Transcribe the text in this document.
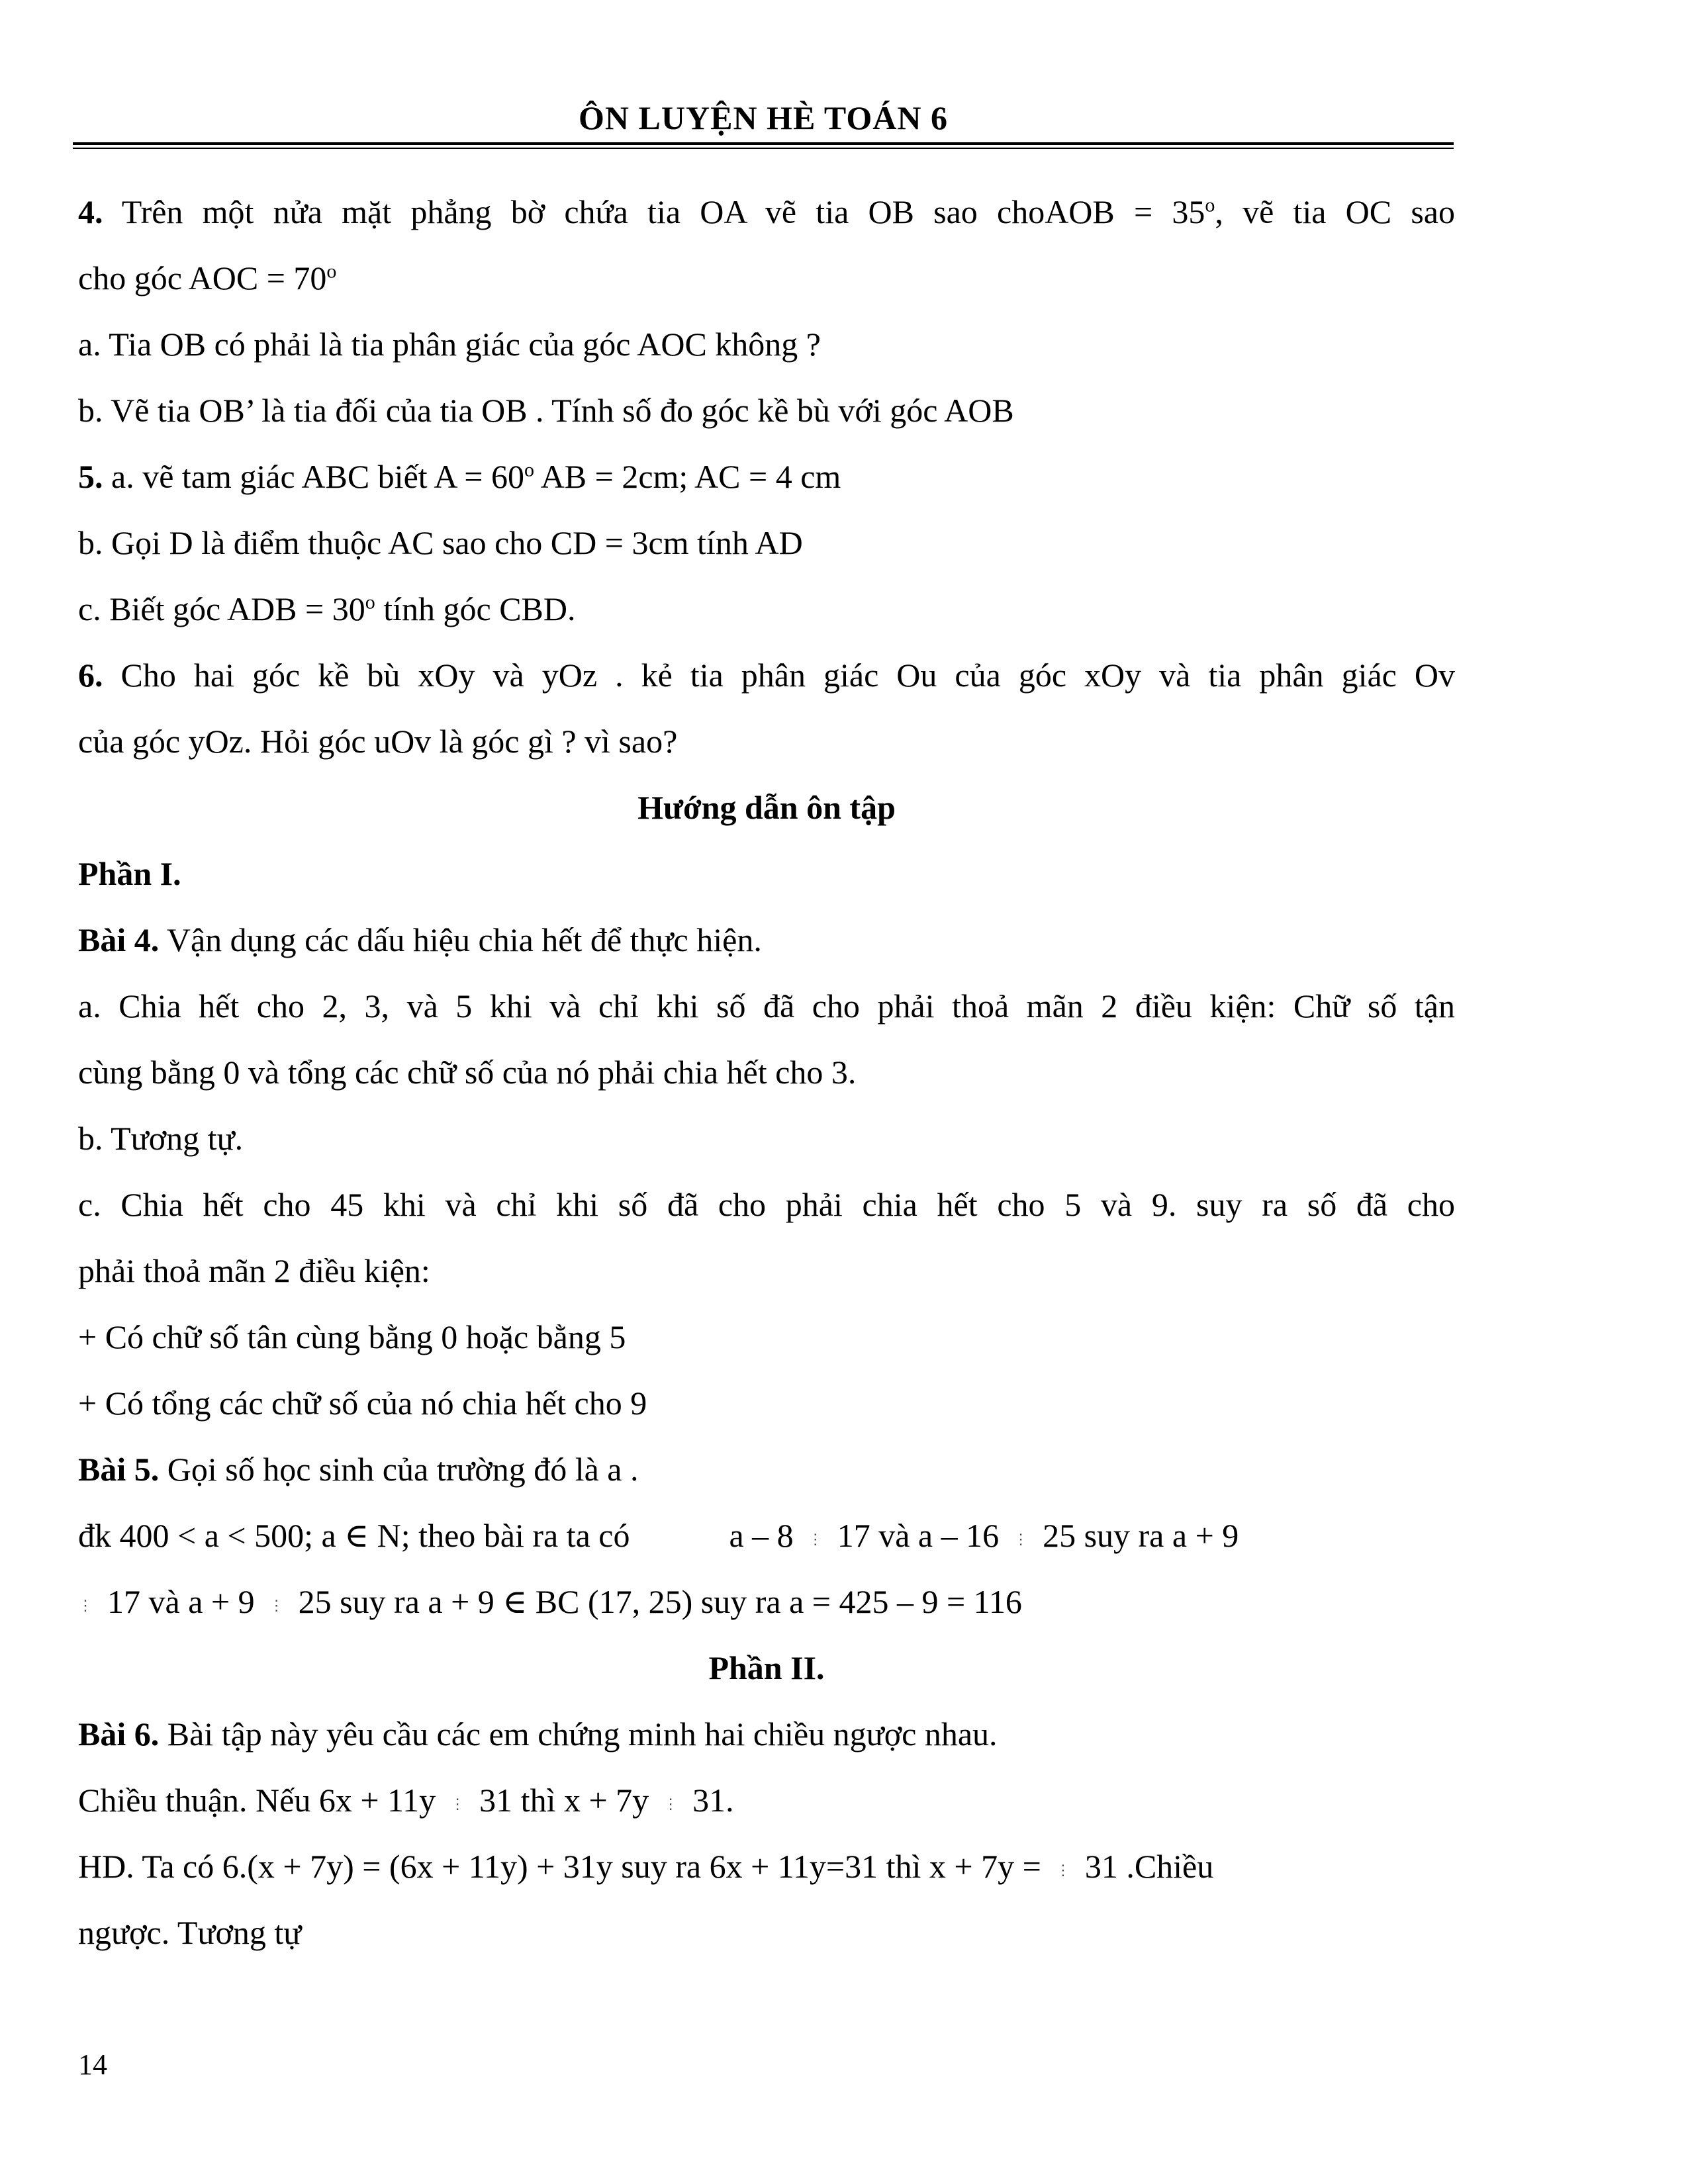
ÔN LUYỆN HÈ TOÁN 6
4. Trên một nửa mặt phẳng bờ chứa tia OA vẽ tia OB sao choAOB = $35^o$, vẽ tia OC sao
cho góc AOC = $70^o$
a. Tia OB có phải là tia phân giác của góc AOC không ?
b. Vẽ tia OB’ là tia đối của tia OB . Tính số đo góc kề bù với góc AOB
5. a. vẽ tam giác ABC biết $A = 60^o$ AB = 2cm; AC = 4 cm
b. Gọi D là điểm thuộc AC sao cho CD = 3cm tính AD
c. Biết góc ADB = $30^o$ tính góc CBD.
6. Cho hai góc kề bù xOy và yOz . kẻ tia phân giác Ou của góc xOy và tia phân giác Ov
của góc yOz. Hỏi góc uOv là góc gì ? vì sao?
Hướng dẫn ôn tập
Phần I.
Bài 4. Vận dụng các dấu hiệu chia hết để thực hiện.
a. Chia hết cho 2, 3, và 5 khi và chỉ khi số đã cho phải thoả mãn 2 điều kiện: Chữ số tận
cùng bằng 0 và tổng các chữ số của nó phải chia hết cho 3.
b. Tương tự.
c. Chia hết cho 45 khi và chỉ khi số đã cho phải chia hết cho 5 và 9. suy ra số đã cho
phải thoả mãn 2 điều kiện:
+ Có chữ số tân cùng bằng 0 hoặc bằng 5
+ Có tổng các chữ số của nó chia hết cho 9
Bài 5. Gọi số học sinh của trường đó là a .
đk 400 < a < 500; a ∈ N; theo bài ra ta có	a – 8 ⋮ 17 và a – 16 ⋮ 25 suy ra a + 9
⋮ 17 và a + 9 ⋮ 25 suy ra a + 9 ∈ BC (17, 25) suy ra a = 425 – 9 = 116
Phần II.
Bài 6. Bài tập này yêu cầu các em chứng minh hai chiều ngược nhau.
Chiều thuận. Nếu 6x + 11y ⋮ 31 thì x + 7y ⋮ 31.
HD. Ta có 6.(x + 7y) = (6x + 11y) + 31y suy ra 6x + 11y=31 thì x + 7y = ⋮ 31 .Chiều
ngược. Tương tự
14
